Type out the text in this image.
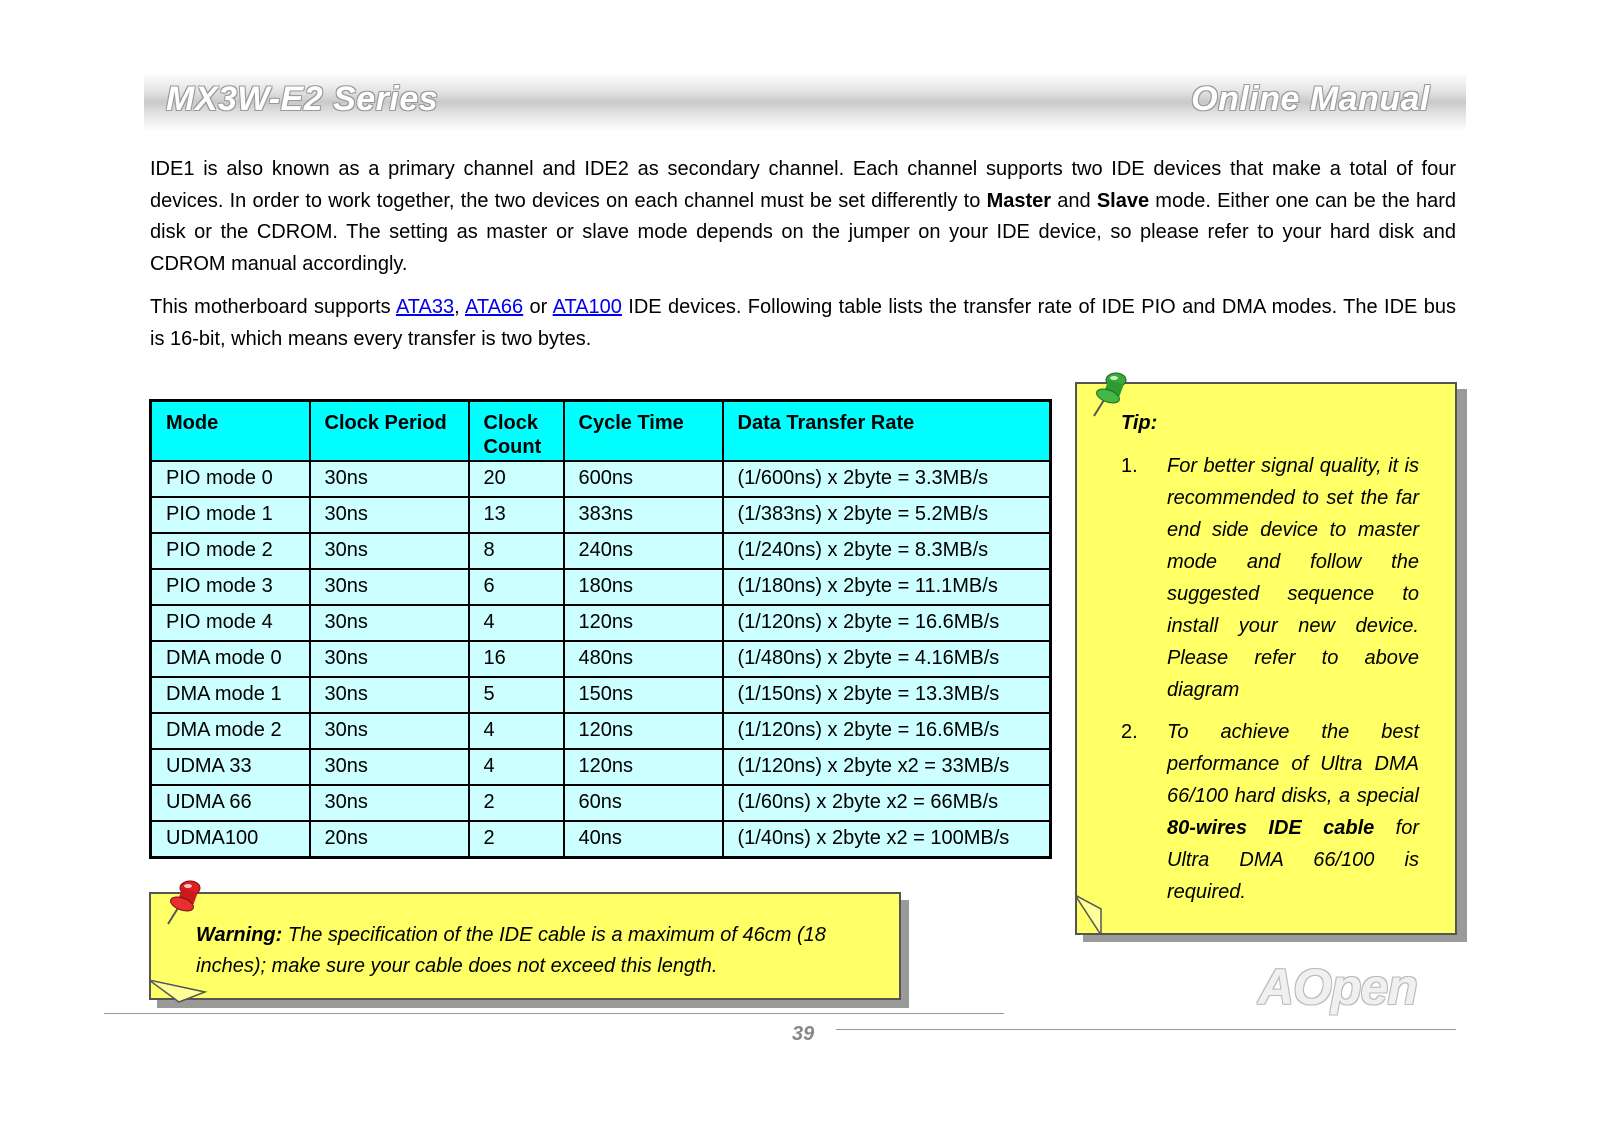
MX3W-E2 Series	Online Manual

IDE1 is also known as a primary channel and IDE2 as secondary channel. Each channel supports two IDE devices that make a total of four devices. In order to work together, the two devices on each channel must be set differently to Master and Slave mode. Either one can be the hard disk or the CDROM. The setting as master or slave mode depends on the jumper on your IDE device, so please refer to your hard disk and CDROM manual accordingly.

This motherboard supports ATA33, ATA66 or ATA100 IDE devices. Following table lists the transfer rate of IDE PIO and DMA modes. The IDE bus is 16-bit, which means every transfer is two bytes.

Mode	Clock Period	Clock Count	Cycle Time	Data Transfer Rate
PIO mode 0	30ns	20	600ns	(1/600ns) x 2byte = 3.3MB/s
PIO mode 1	30ns	13	383ns	(1/383ns) x 2byte = 5.2MB/s
PIO mode 2	30ns	8	240ns	(1/240ns) x 2byte = 8.3MB/s
PIO mode 3	30ns	6	180ns	(1/180ns) x 2byte = 11.1MB/s
PIO mode 4	30ns	4	120ns	(1/120ns) x 2byte = 16.6MB/s
DMA mode 0	30ns	16	480ns	(1/480ns) x 2byte = 4.16MB/s
DMA mode 1	30ns	5	150ns	(1/150ns) x 2byte = 13.3MB/s
DMA mode 2	30ns	4	120ns	(1/120ns) x 2byte = 16.6MB/s
UDMA 33	30ns	4	120ns	(1/120ns) x 2byte x2 = 33MB/s
UDMA 66	30ns	2	60ns	(1/60ns) x 2byte x2 = 66MB/s
UDMA100	20ns	2	40ns	(1/40ns) x 2byte x2 = 100MB/s
Tip:
1. For better signal quality, it is recommended to set the far end side device to master mode and follow the suggested sequence to install your new device. Please refer to above diagram
2. To achieve the best performance of Ultra DMA 66/100 hard disks, a special 80-wires IDE cable for Ultra DMA 66/100 is required.
Warning: The specification of the IDE cable is a maximum of 46cm (18 inches); make sure your cable does not exceed this length.
39
AOpen
